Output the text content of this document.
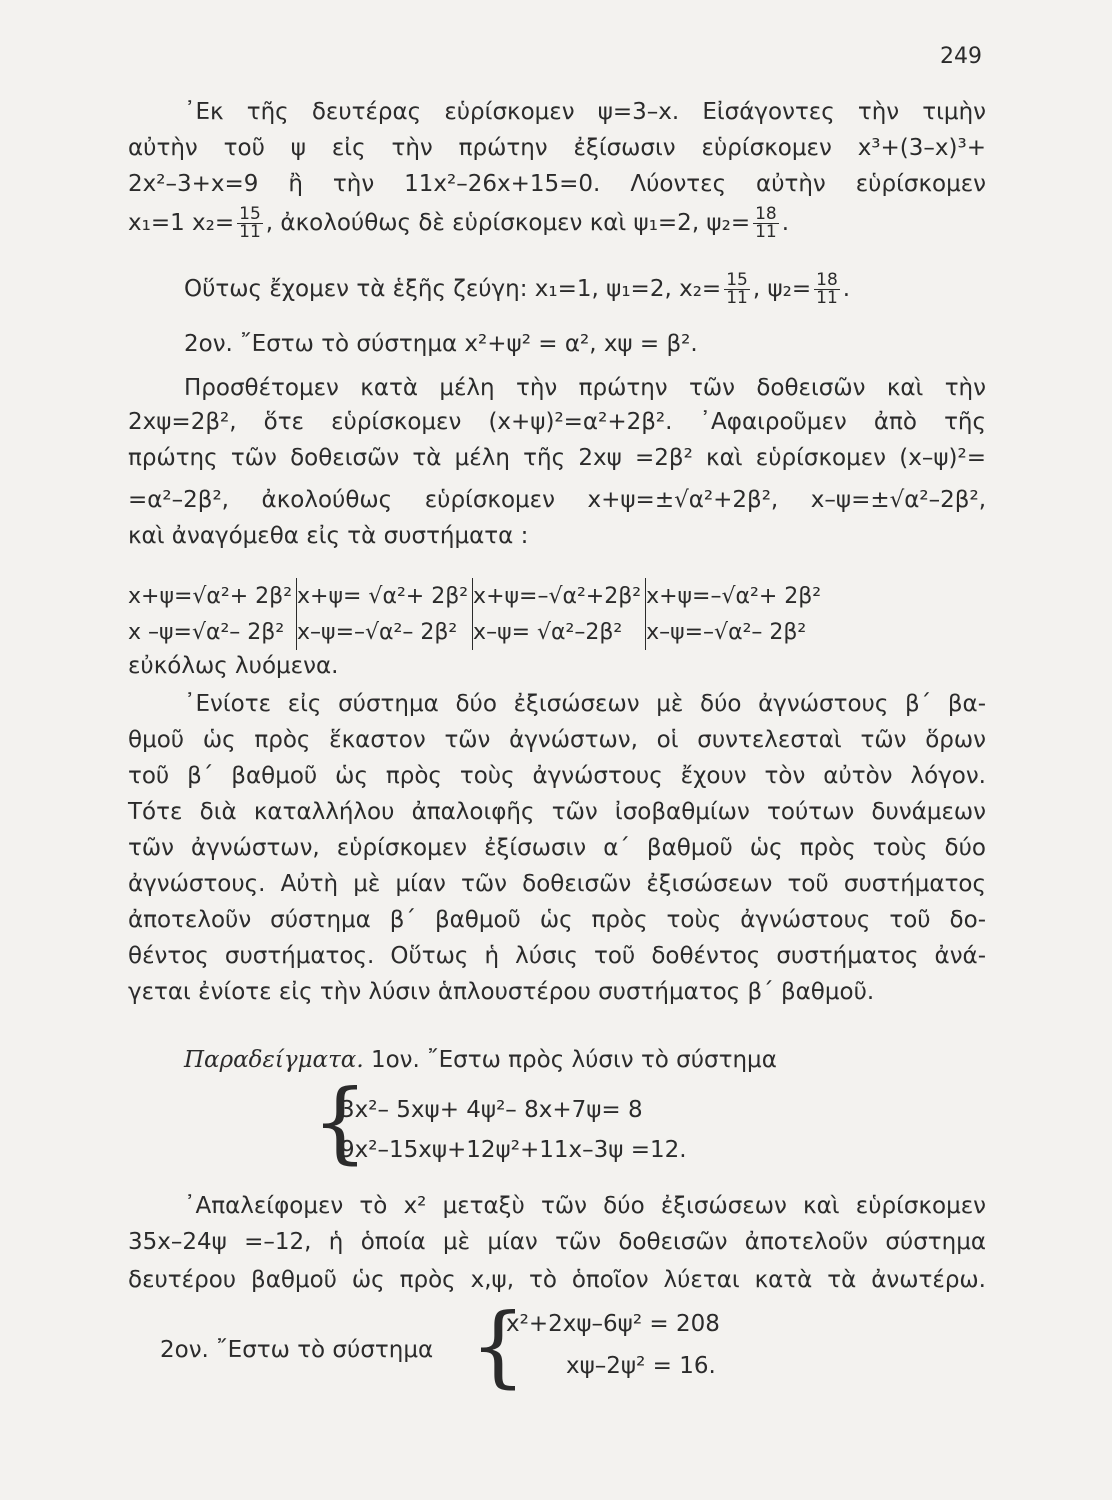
249
᾿Εκ τῆς δευτέρας εὑρίσκομεν ψ=3–x. Εἰσάγοντες τὴν τιμὴν
αὐτὴν τοῦ ψ εἰς τὴν πρώτην ἐξίσωσιν εὑρίσκομεν x³+(3–x)³+
2x²–3+x=9 ἢ τὴν 11x²–26x+15=0. Λύοντες αὐτὴν εὑρίσκομεν
x₁=1 $x_2= \frac{15}{11}$ , ἀκολούθως δὲ εὑρίσκομεν καὶ ψ₁=2, $\psi_2= \frac{18}{11}$ .
Οὕτως ἔχομεν τὰ ἑξῆς ζεύγη: x₁=1, ψ₁=2, $x_2= \frac{15}{11}$ , $\psi_2= \frac{18}{11}$ .
2ον. ῎Εστω τὸ σύστημα x²+ψ² = α², xψ = β².
Προσθέτομεν κατὰ μέλη τὴν πρώτην τῶν δοθεισῶν καὶ τὴν
2xψ=2β², ὅτε εὑρίσκομεν (x+ψ)²=α²+2β². ᾿Αφαιροῦμεν ἀπὸ τῆς
πρώτης τῶν δοθεισῶν τὰ μέλη τῆς 2xψ =2β² καὶ εὑρίσκομεν (x–ψ)²=
=α²–2β², ἀκολούθως εὑρίσκομεν x+ψ=±√α²+2β², x–ψ=±√α²–2β²,
καὶ ἀναγόμεθα εἰς τὰ συστήματα :
x+ψ=√α²+ 2β²	x+ψ= √α²+ 2β²	x+ψ=–√α²+2β²	x+ψ=–√α²+ 2β²
x –ψ=√α²– 2β²	x–ψ=–√α²– 2β²	x–ψ= √α²–2β²	x–ψ=–√α²– 2β²
εὐκόλως λυόμενα.
᾿Ενίοτε εἰς σύστημα δύο ἐξισώσεων μὲ δύο ἀγνώστους β΄ βα-
θμοῦ ὡς πρὸς ἕκαστον τῶν ἀγνώστων, οἱ συντελεσταὶ τῶν ὅρων
τοῦ β΄ βαθμοῦ ὡς πρὸς τοὺς ἀγνώστους ἔχουν τὸν αὐτὸν λόγον.
Τότε διὰ καταλλήλου ἀπαλοιφῆς τῶν ἰσοβαθμίων τούτων δυνάμεων
τῶν ἀγνώστων, εὑρίσκομεν ἐξίσωσιν α΄ βαθμοῦ ὡς πρὸς τοὺς δύο
ἀγνώστους. Αὐτὴ μὲ μίαν τῶν δοθεισῶν ἐξισώσεων τοῦ συστήματος
ἀποτελοῦν σύστημα β΄ βαθμοῦ ὡς πρὸς τοὺς ἀγνώστους τοῦ δο-
θέντος συστήματος. Οὕτως ἡ λύσις τοῦ δοθέντος συστήματος ἀνά-
γεται ἐνίοτε εἰς τὴν λύσιν ἁπλουστέρου συστήματος β΄ βαθμοῦ.
Παραδείγματα. 1ον. ῎Εστω πρὸς λύσιν τὸ σύστημα
{
3x²– 5xψ+ 4ψ²– 8x+7ψ= 8
9x²–15xψ+12ψ²+11x–3ψ =12.
᾿Απαλείφομεν τὸ x² μεταξὺ τῶν δύο ἐξισώσεων καὶ εὑρίσκομεν
35x–24ψ =–12, ἡ ὁποία μὲ μίαν τῶν δοθεισῶν ἀποτελοῦν σύστημα
δευτέρου βαθμοῦ ὡς πρὸς x,ψ, τὸ ὁποῖον λύεται κατὰ τὰ ἀνωτέρω.
2ον. ῎Εστω τὸ σύστημα {
x²+2xψ–6ψ² = 208
xψ–2ψ² = 16.
